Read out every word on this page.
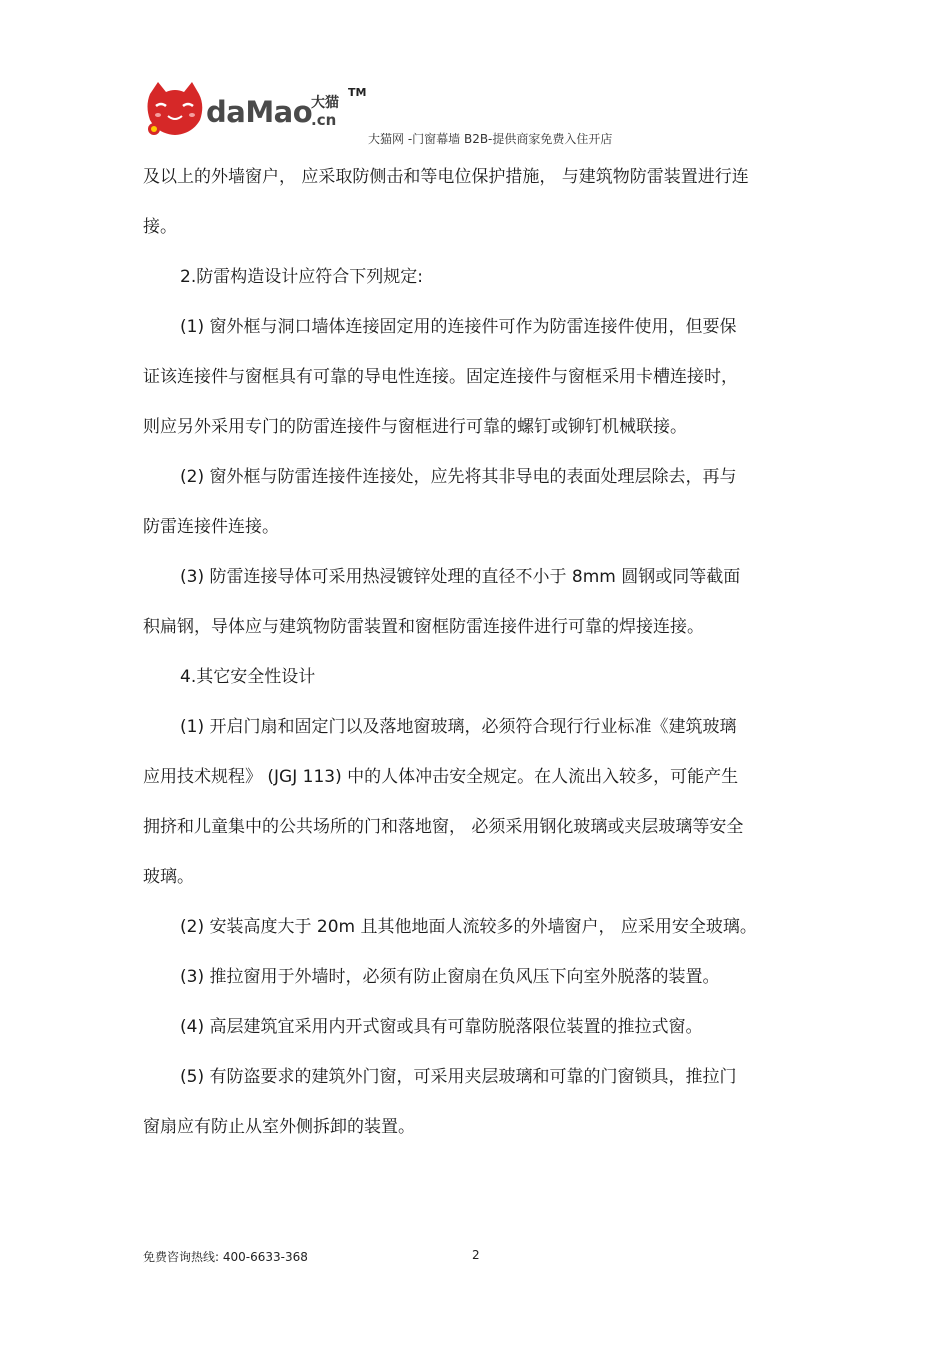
daMao
大猫
.cn
TM
大猫网 -门窗幕墙 B2B-提供商家免费入住开店
及以上的外墙窗户， 应采取防侧击和等电位保护措施， 与建筑物防雷装置进行连
接。
2.防雷构造设计应符合下列规定:
(1) 窗外框与洞口墙体连接固定用的连接件可作为防雷连接件使用，但要保
证该连接件与窗框具有可靠的导电性连接。固定连接件与窗框采用卡槽连接时，
则应另外采用专门的防雷连接件与窗框进行可靠的螺钉或铆钉机械联接。
(2) 窗外框与防雷连接件连接处，应先将其非导电的表面处理层除去，再与
防雷连接件连接。
(3) 防雷连接导体可采用热浸镀锌处理的直径不小于 8mm 圆钢或同等截面
积扁钢，导体应与建筑物防雷装置和窗框防雷连接件进行可靠的焊接连接。
4.其它安全性设计
(1) 开启门扇和固定门以及落地窗玻璃，必须符合现行行业标准《建筑玻璃
应用技术规程》 (JGJ 113) 中的人体冲击安全规定。在人流出入较多，可能产生
拥挤和儿童集中的公共场所的门和落地窗， 必须采用钢化玻璃或夹层玻璃等安全
玻璃。
(2) 安装高度大于 20m 且其他地面人流较多的外墙窗户， 应采用安全玻璃。
(3) 推拉窗用于外墙时，必须有防止窗扇在负风压下向室外脱落的装置。
(4) 高层建筑宜采用内开式窗或具有可靠防脱落限位装置的推拉式窗。
(5) 有防盗要求的建筑外门窗，可采用夹层玻璃和可靠的门窗锁具，推拉门
窗扇应有防止从室外侧拆卸的装置。
免费咨询热线: 400-6633-368	2
